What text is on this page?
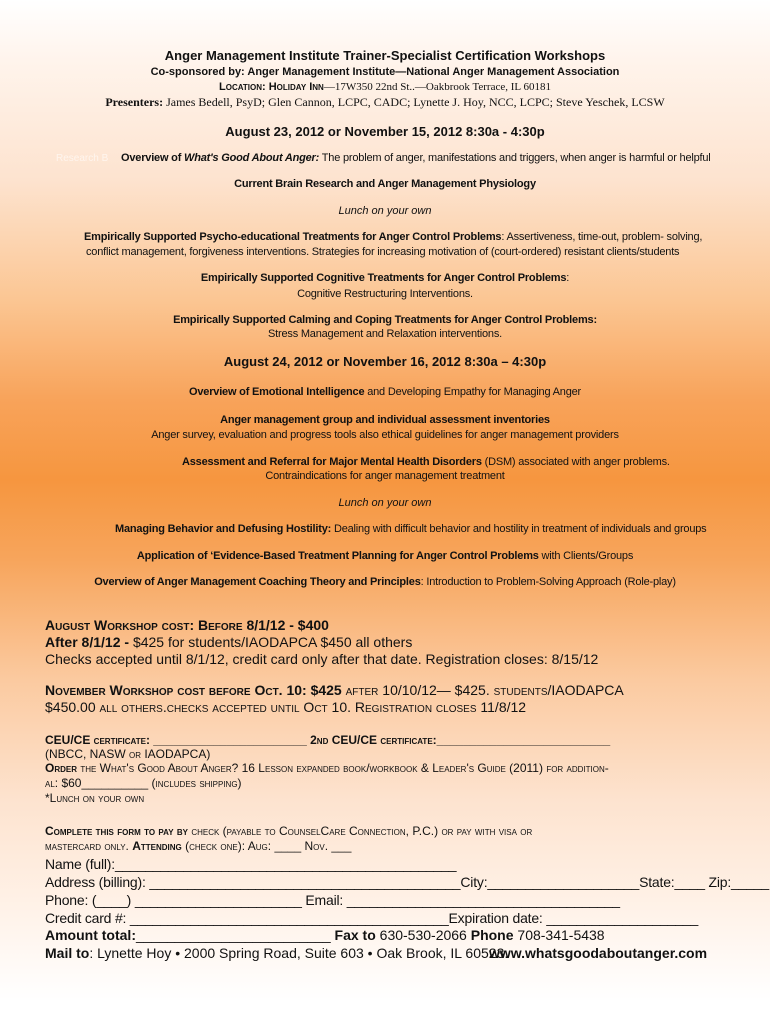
Anger Management Institute Trainer-Specialist Certification Workshops
Co-sponsored by: Anger Management Institute—National Anger Management Association
Location: Holiday Inn—17W350 22nd St..—Oakbrook Terrace, IL 60181
Presenters: James Bedell, PsyD; Glen Cannon, LCPC, CADC; Lynette J. Hoy, NCC, LCPC; Steve Yeschek, LCSW
August 23, 2012 or November 15, 2012 8:30a - 4:30p
Research B Overview of What's Good About Anger: The problem of anger, manifestations and triggers, when anger is harmful or helpful
Current Brain Research and Anger Management Physiology
Lunch on your own
Empirically Supported Psycho-educational Treatments for Anger Control Problems: Assertiveness, time-out, problem- solving,
conflict management, forgiveness interventions. Strategies for increasing motivation of (court-ordered) resistant clients/students
Empirically Supported Cognitive Treatments for Anger Control Problems:
Cognitive Restructuring Interventions.
Empirically Supported Calming and Coping Treatments for Anger Control Problems:
Stress Management and Relaxation interventions.
August 24, 2012 or November 16, 2012 8:30a – 4:30p
Overview of Emotional Intelligence and Developing Empathy for Managing Anger
Anger management group and individual assessment inventories
Anger survey, evaluation and progress tools also ethical guidelines for anger management providers
Assessment and Referral for Major Mental Health Disorders (DSM) associated with anger problems.
Contraindications for anger management treatment
Lunch on your own
Managing Behavior and Defusing Hostility: Dealing with difficult behavior and hostility in treatment of individuals and groups
Application of ‘Evidence-Based Treatment Planning for Anger Control Problems with Clients/Groups
Overview of Anger Management Coaching Theory and Principles: Introduction to Problem-Solving Approach (Role-play)
August Workshop cost: Before 8/1/12 - $400
After 8/1/12 - $425 for students/IAODAPCA $450 all others
Checks accepted until 8/1/12, credit card only after that date. Registration closes: 8/15/12
November Workshop cost before Oct. 10: $425 after 10/10/12— $425. students/IAODAPCA
$450.00 all others.checks accepted until Oct 10. Registration closes 11/8/12
CEU/CE certificate: _______________________ 2nd CEU/CE certificate:__________________________
(NBCC, NASW or IAODAPCA)
Order the What's Good About Anger? 16 Lesson expanded book/workbook & Leader's Guide (2011) for addition-
al: $60__________ (includes shipping)
*Lunch on your own
Complete this form to pay by check (payable to CounselCare Connection, P.C.) or pay with visa or
mastercard only. Attending (check one): Aug: ____ Nov. ___
Name (full):_____________________________________________
Address (billing): _________________________________________City:____________________State:____ Zip:_____
Phone: (____) ______________________ Email: ____________________________________
Credit card #: __________________________________________Expiration date: ____________________
Amount total:_________________________ Fax to 630-530-2066 Phone 708-341-5438
Mail to: Lynette Hoy • 2000 Spring Road, Suite 603 • Oak Brook, IL 60523.
www.whatsgoodaboutanger.com
